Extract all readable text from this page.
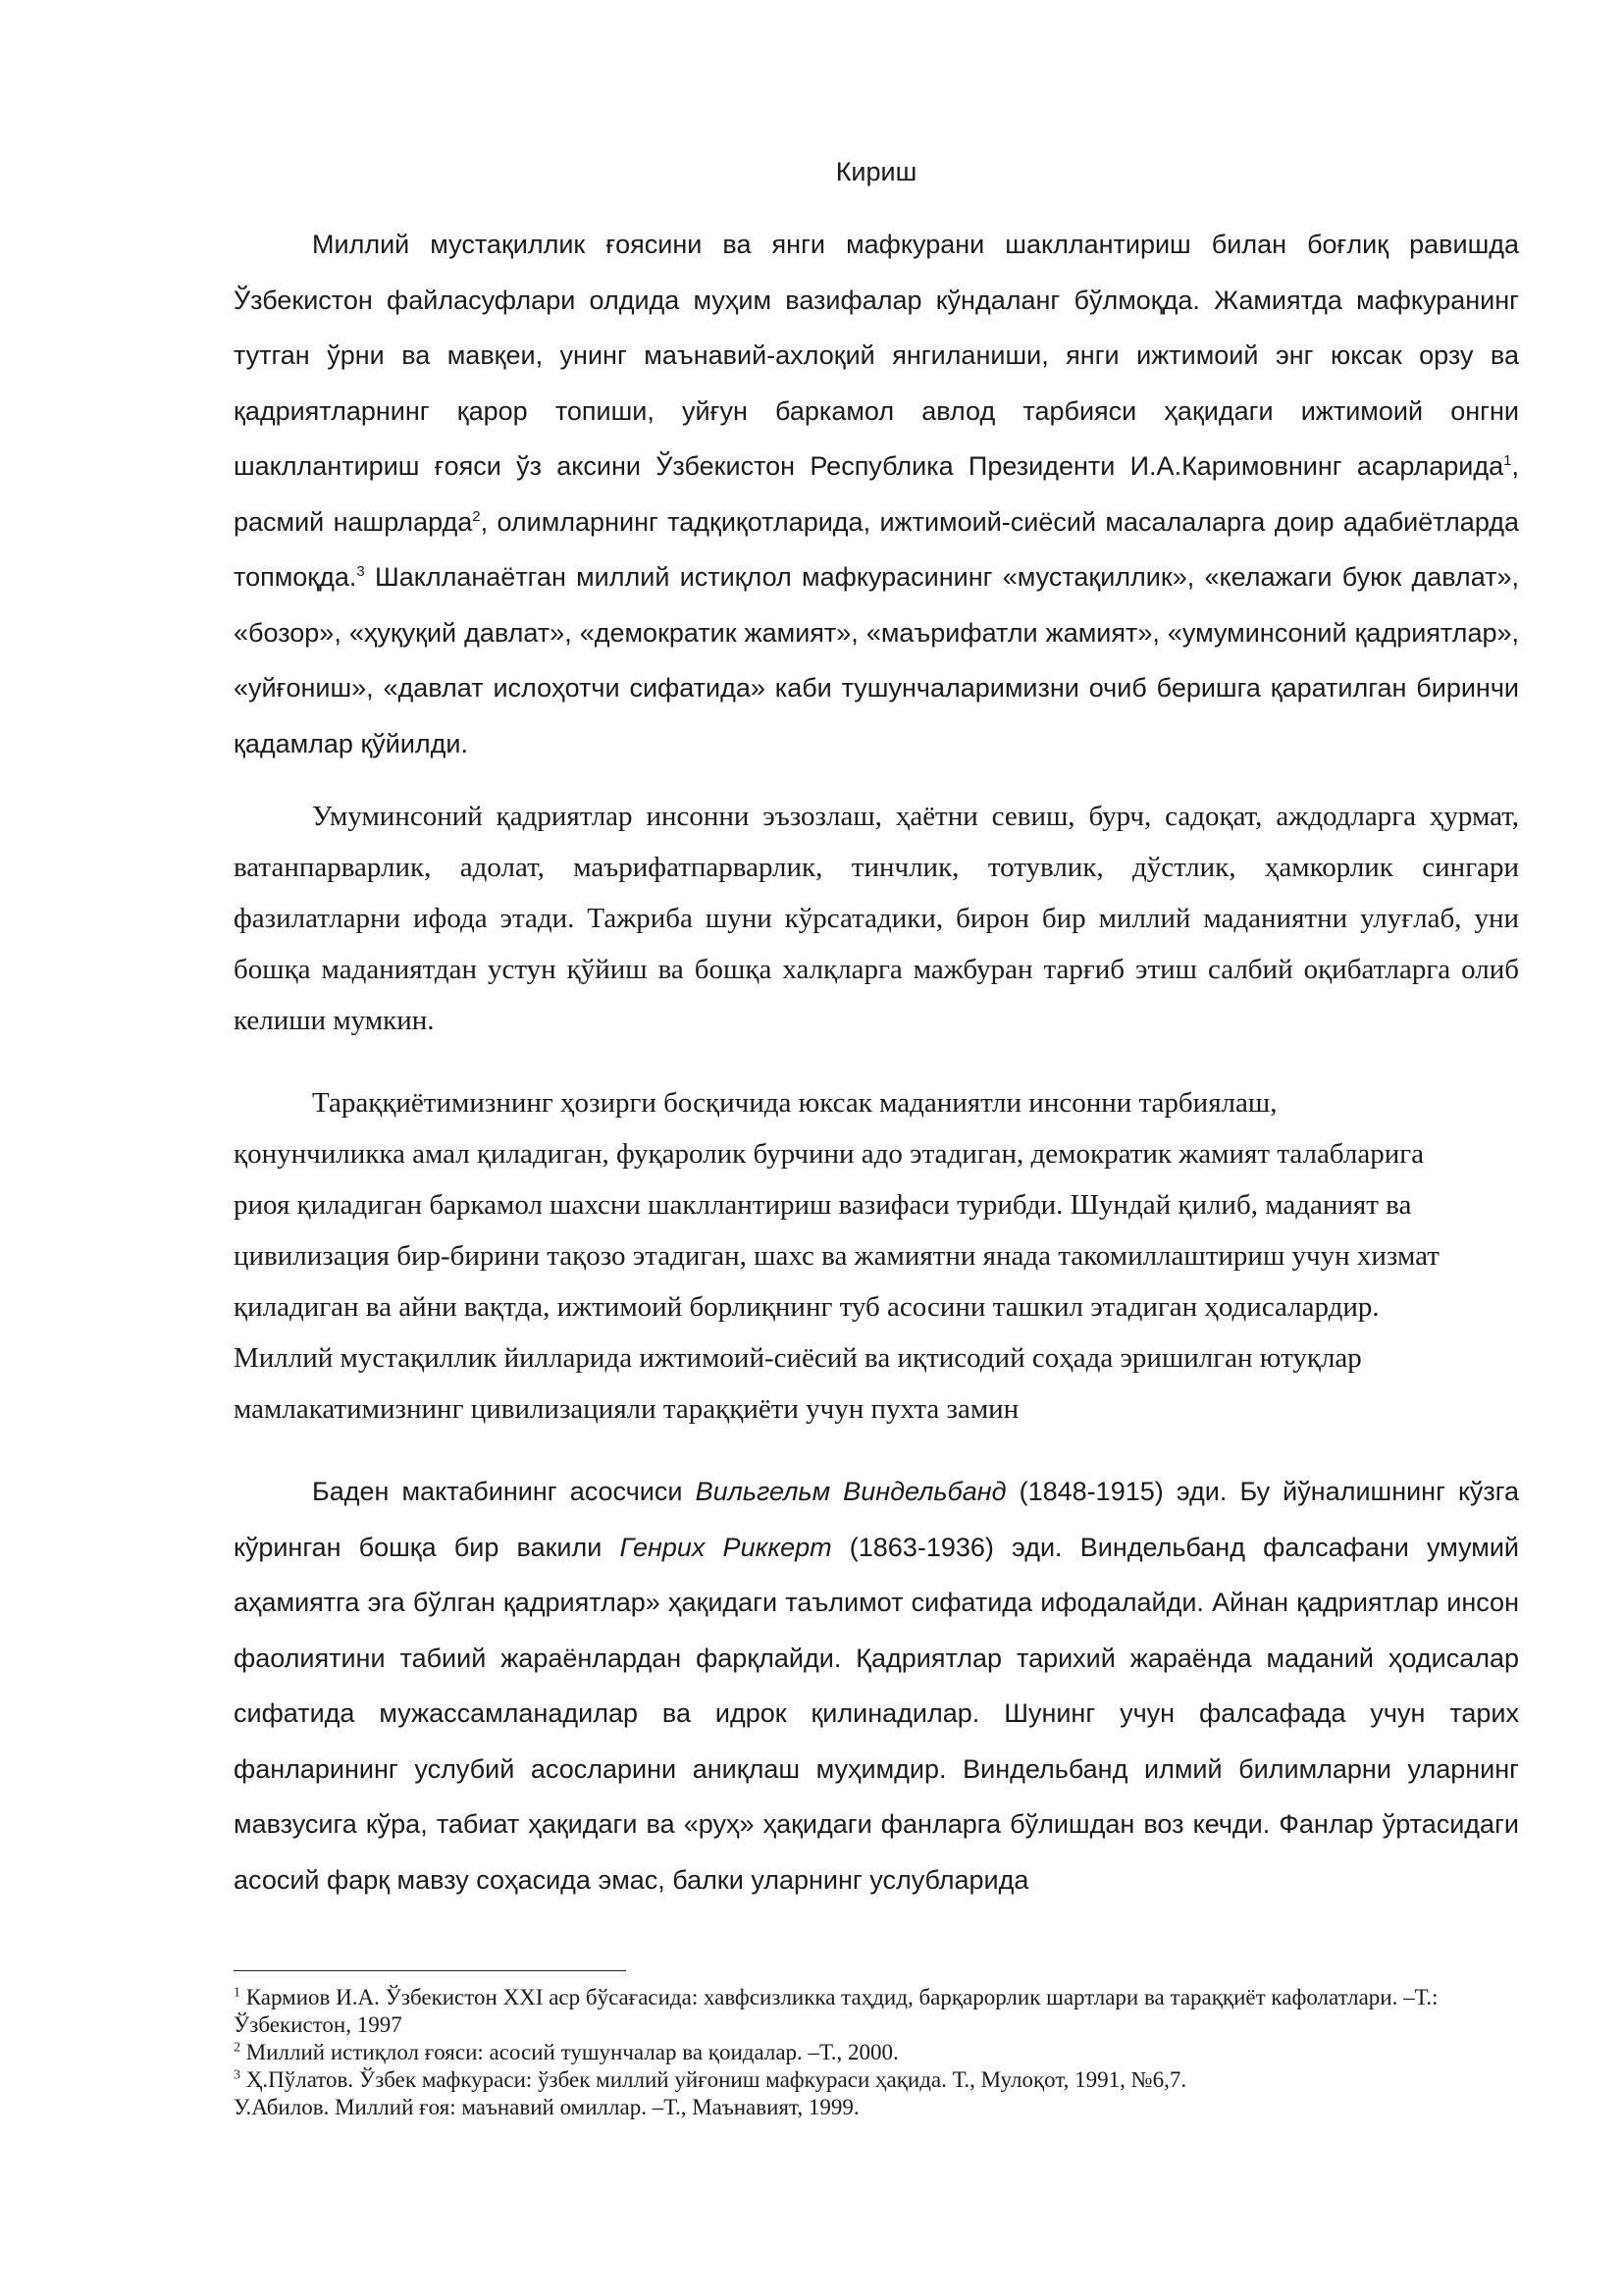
Кириш

Миллий мустақиллик ғоясини ва янги мафкурани шакллантириш билан боғлиқ равишда Ўзбекистон файласуфлари олдида муҳим вазифалар кўндаланг бўлмоқда. Жамиятда мафкуранинг тутган ўрни ва мавқеи, унинг маънавий-ахлоқий янгиланиши, янги ижтимоий энг юксак орзу ва қадриятларнинг қарор топиши, уйғун баркамол авлод тарбияси ҳақидаги ижтимоий онгни шакллантириш ғояси ўз аксини Ўзбекистон Республика Президенти И.А.Каримовнинг асарларида$^1$, расмий нашрларда$^2$, олимларнинг тадқиқотларида, ижтимоий-сиёсий масалаларга доир адабиётларда топмоқда.$^3$ Шаклланаётган миллий истиқлол мафкурасининг «мустақиллик», «келажаги буюк давлат», «бозор», «ҳуқуқий давлат», «демократик жамият», «маърифатли жамият», «умуминсоний қадриятлар», «уйғониш», «давлат ислоҳотчи сифатида» каби тушунчаларимизни очиб беришга қаратилган биринчи қадамлар қўйилди.

Умуминсоний қадриятлар инсонни эъзозлаш, ҳаётни севиш, бурч, садоқат, аждодларга ҳурмат, ватанпарварлик, адолат, маърифатпарварлик, тинчлик, тотувлик, дўстлик, ҳамкорлик сингари фазилатларни ифода этади. Тажриба шуни кўрсатадики, бирон бир миллий маданиятни улуғлаб, уни бошқа маданиятдан устун қўйиш ва бошқа халқларга мажбуран тарғиб этиш салбий оқибатларга олиб келиши мумкин.

Тараққиётимизнинг ҳозирги босқичида юксак маданиятли инсонни тарбиялаш,
қонунчиликка амал қиладиган, фуқаролик бурчини адо этадиган, демократик жамият талабларига
риоя қиладиган баркамол шахсни шакллантириш вазифаси турибди. Шундай қилиб, маданият ва
цивилизация бир-бирини тақозо этадиган, шахс ва жамиятни янада такомиллаштириш учун хизмат
қиладиган ва айни вақтда, ижтимоий борлиқнинг туб асосини ташкил этадиган ҳодисалардир.
Миллий мустақиллик йилларида ижтимоий-сиёсий ва иқтисодий соҳада эришилган ютуқлар
мамлакатимизнинг цивилизацияли тараққиёти учун пухта замин

Баден мактабининг асосчиси Вильгельм Виндельбанд (1848-1915) эди. Бу йўналишнинг кўзга кўринган бошқа бир вакили Генрих Риккерт (1863-1936) эди. Виндельбанд фалсафани умумий аҳамиятга эга бўлган қадриятлар» ҳақидаги таълимот сифатида ифодалайди. Айнан қадриятлар инсон фаолиятини табиий жараёнлардан фарқлайди. Қадриятлар тарихий жараёнда маданий ҳодисалар сифатида мужассамланадилар ва идрок қилинадилар. Шунинг учун фалсафада учун тарих фанларининг услубий асосларини аниқлаш муҳимдир. Виндельбанд илмий билимларни уларнинг мавзусига кўра, табиат ҳақидаги ва «руҳ» ҳақидаги фанларга бўлишдан воз кечди. Фанлар ўртасидаги асосий фарқ мавзу соҳасида эмас, балки уларнинг услубларида

$^1$ Кармиов И.А. Ўзбекистон XXI аср бўсағасида: хавфсизликка таҳдид, барқарорлик шартлари ва тараққиёт кафолатлари. –Т.: Ўзбекистон, 1997

$^2$ Миллий истиқлол ғояси: асосий тушунчалар ва қоидалар. –Т., 2000.

$^3$ Ҳ.Пўлатов. Ўзбек мафкураси: ўзбек миллий уйғониш мафкураси ҳақида. Т., Мулоқот, 1991, №6,7.

У.Абилов. Миллий ғоя: маънавий омиллар. –Т., Маънавият, 1999.
